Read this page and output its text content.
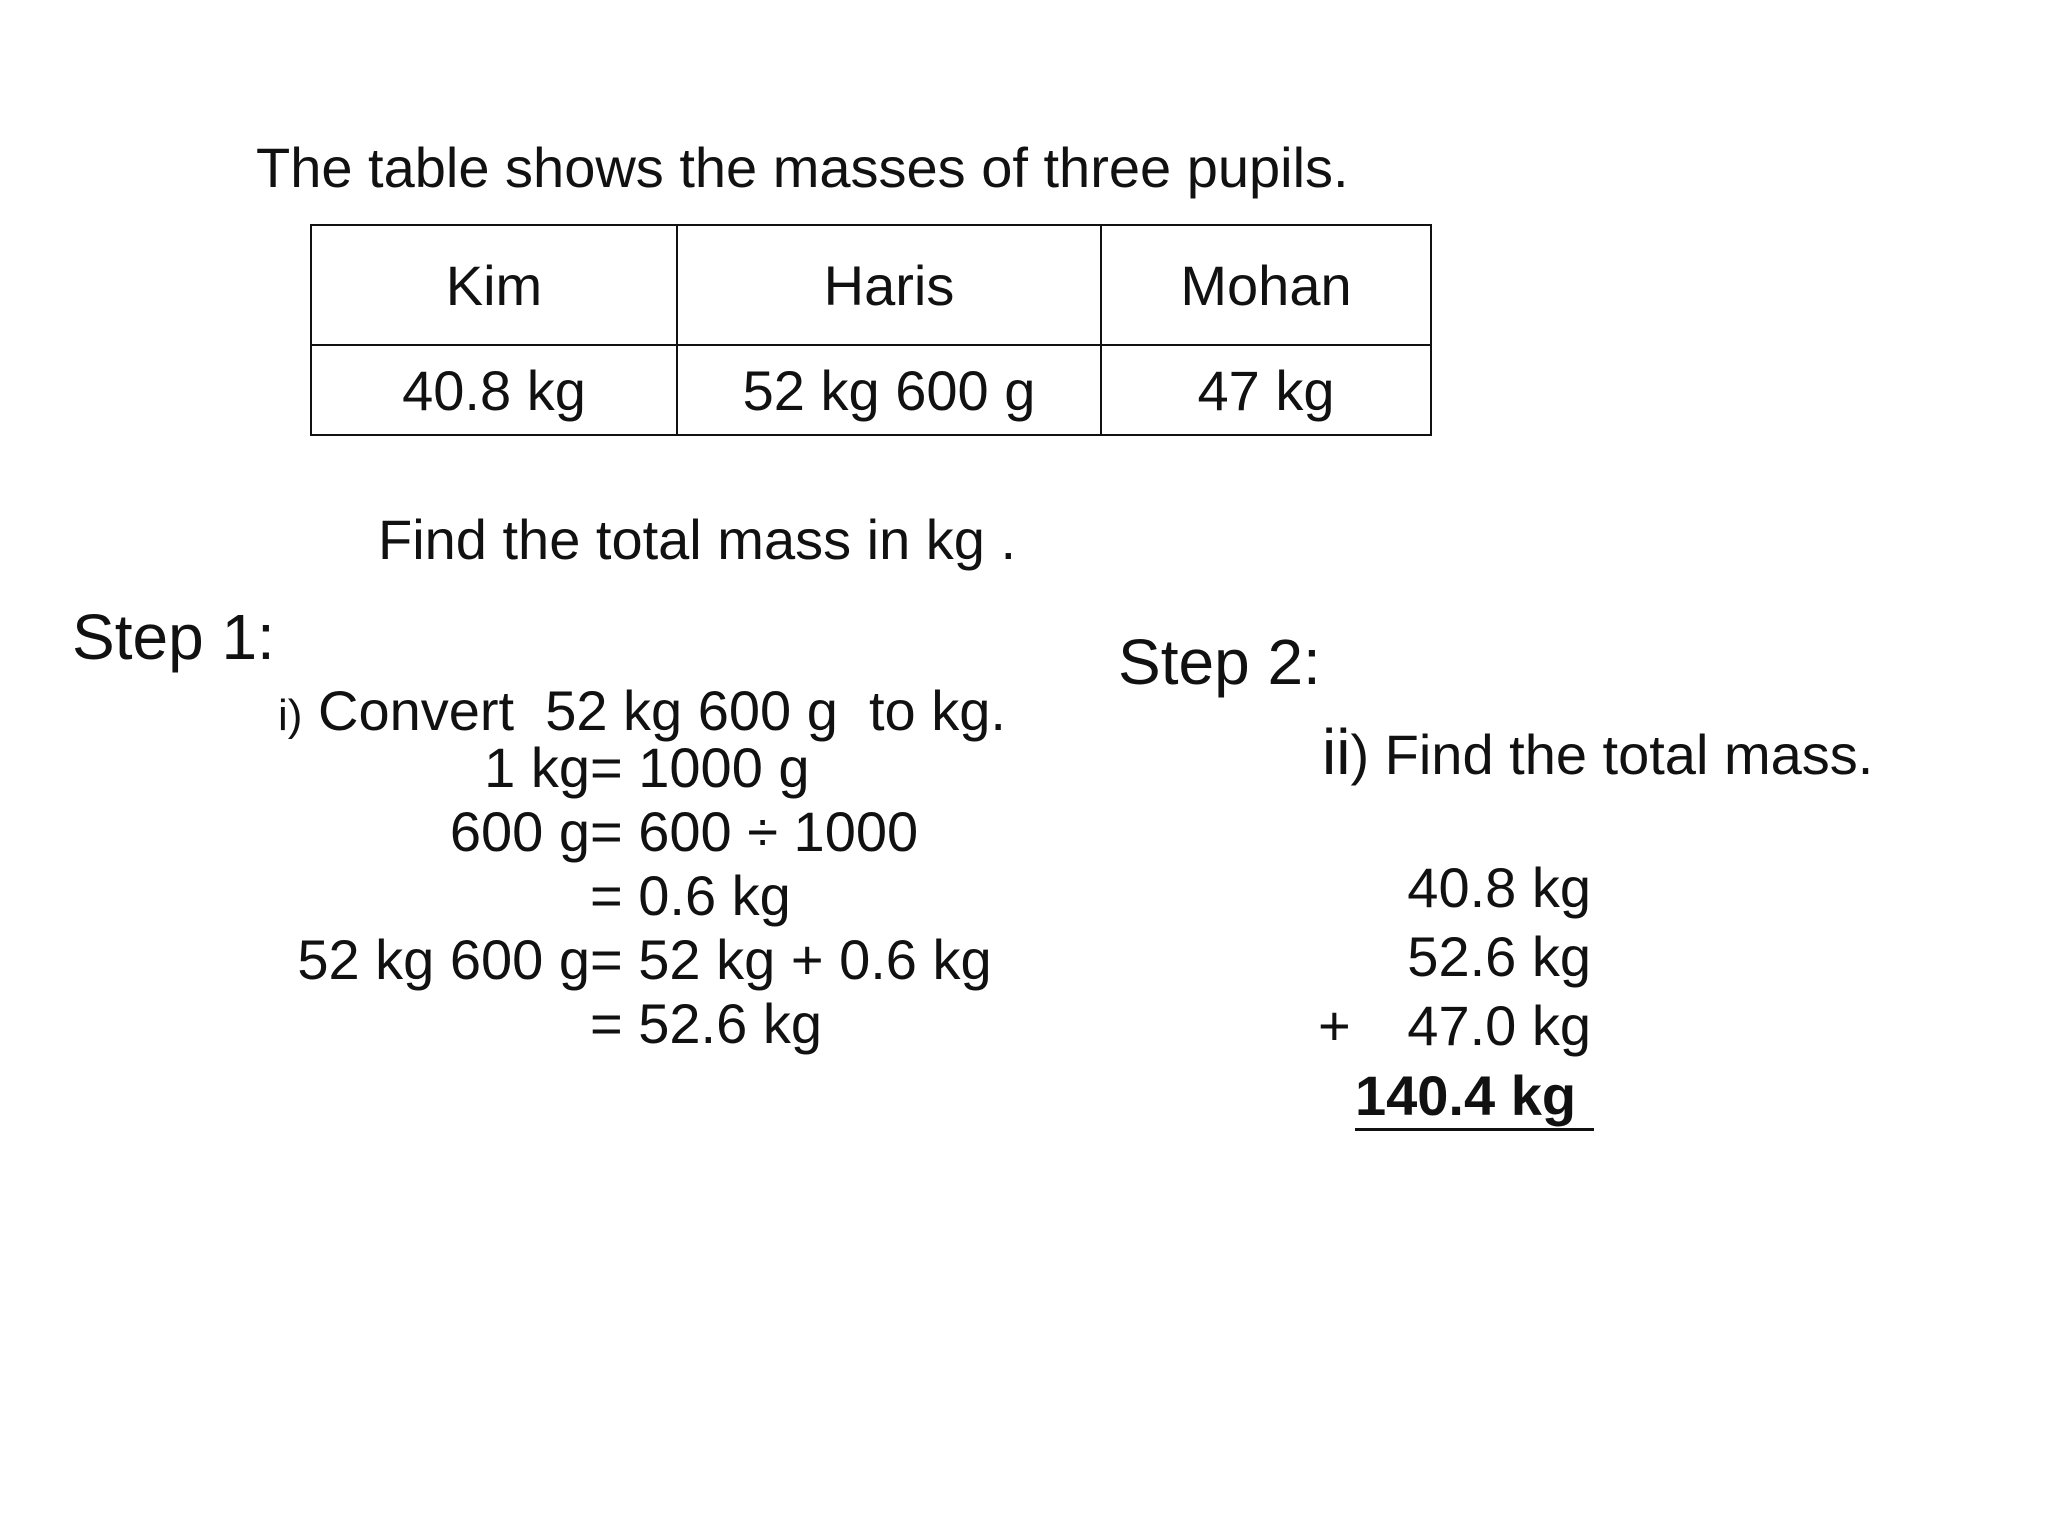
The table shows the masses of three pupils.
Kim	Haris	Mohan
40.8 kg	52 kg 600 g	47 kg
Find the total mass in kg .
Step 1:
i) Convert  52 kg 600 g  to kg.
1 kg = 1000 g
600 g = 600 ÷ 1000
= 0.6 kg
52 kg 600 g = 52 kg + 0.6 kg
= 52.6 kg
Step 2:
ii) Find the total mass.
40.8 kg
52.6 kg
+	47.0 kg
140.4 kg
